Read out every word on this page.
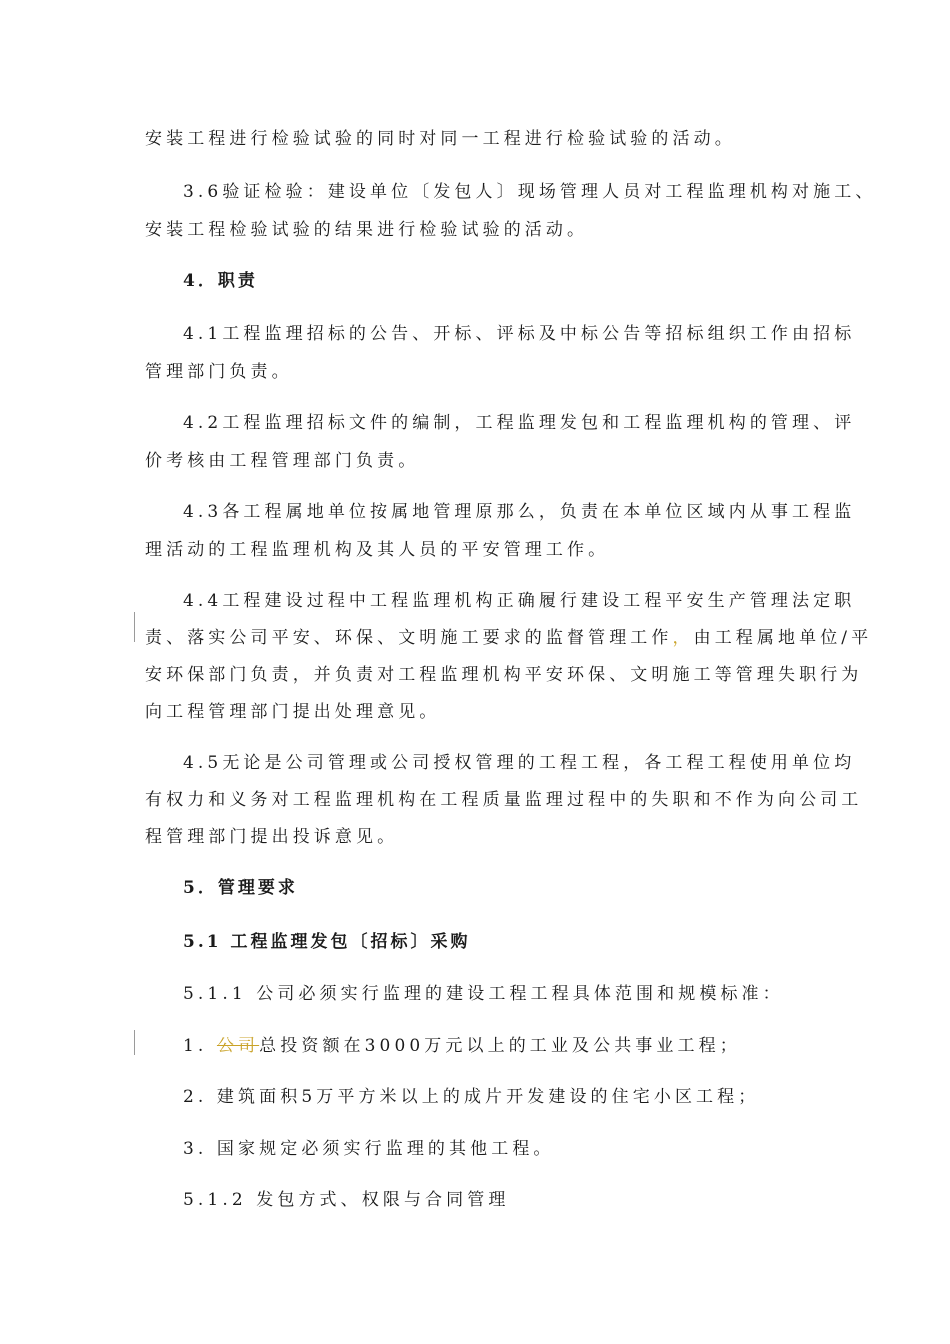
安装工程进行检验试验的同时对同一工程进行检验试验的活动。
3.6验证检验：建设单位〔发包人〕现场管理人员对工程监理机构对施工、
安装工程检验试验的结果进行检验试验的活动。
4．职责
4.1工程监理招标的公告、开标、评标及中标公告等招标组织工作由招标
管理部门负责。
4.2工程监理招标文件的编制，工程监理发包和工程监理机构的管理、评
价考核由工程管理部门负责。
4.3各工程属地单位按属地管理原那么，负责在本单位区域内从事工程监
理活动的工程监理机构及其人员的平安管理工作。
4.4工程建设过程中工程监理机构正确履行建设工程平安生产管理法定职
责、落实公司平安、环保、文明施工要求的监督管理工作，由工程属地单位/平
安环保部门负责，并负责对工程监理机构平安环保、文明施工等管理失职行为
向工程管理部门提出处理意见。
4.5无论是公司管理或公司授权管理的工程工程，各工程工程使用单位均
有权力和义务对工程监理机构在工程质量监理过程中的失职和不作为向公司工
程管理部门提出投诉意见。
5．管理要求
5.1 工程监理发包〔招标〕采购
5.1.1 公司必须实行监理的建设工程工程具体范围和规模标准：
1. 公司总投资额在3000万元以上的工业及公共事业工程；
2. 建筑面积5万平方米以上的成片开发建设的住宅小区工程；
3. 国家规定必须实行监理的其他工程。
5.1.2 发包方式、权限与合同管理
